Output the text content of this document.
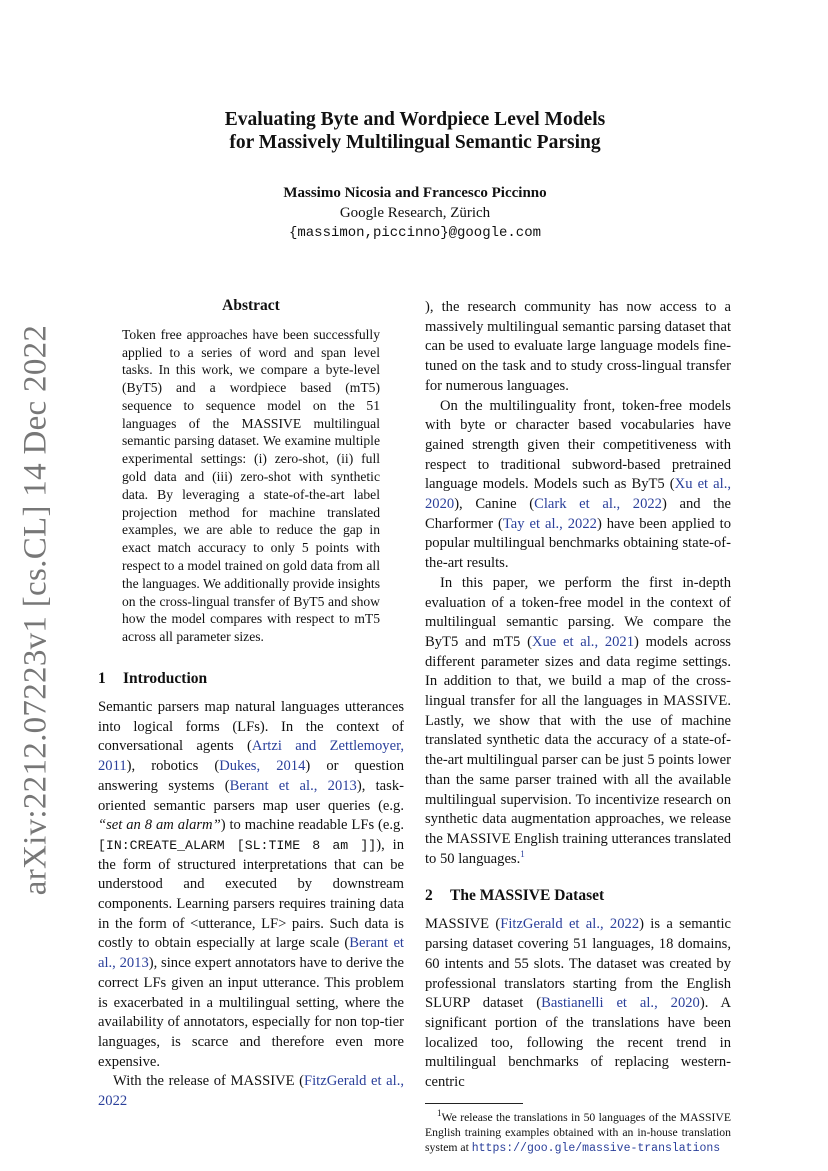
arXiv:2212.07223v1 [cs.CL] 14 Dec 2022
Evaluating Byte and Wordpiece Level Models
for Massively Multilingual Semantic Parsing
Massimo Nicosia and Francesco Piccinno
Google Research, Zürich
{massimon,piccinno}@google.com
Abstract

Token free approaches have been successfully applied to a series of word and span level tasks. In this work, we compare a byte-level (ByT5) and a wordpiece based (mT5) sequence to sequence model on the 51 languages of the MASSIVE multilingual semantic parsing dataset. We examine multiple experimental settings: (i) zero-shot, (ii) full gold data and (iii) zero-shot with synthetic data. By leveraging a state-of-the-art label projection method for machine translated examples, we are able to reduce the gap in exact match accuracy to only 5 points with respect to a model trained on gold data from all the languages. We additionally provide insights on the cross-lingual transfer of ByT5 and show how the model compares with respect to mT5 across all parameter sizes.

1 Introduction

Semantic parsers map natural languages utterances into logical forms (LFs). In the context of conversational agents (Artzi and Zettlemoyer, 2011), robotics (Dukes, 2014) or question answering systems (Berant et al., 2013), task-oriented semantic parsers map user queries (e.g. “set an 8 am alarm”) to machine readable LFs (e.g. [IN:CREATE_ALARM [SL:TIME 8 am ]]), in the form of structured interpretations that can be understood and executed by downstream components. Learning parsers requires training data in the form of <utterance, LF> pairs. Such data is costly to obtain especially at large scale (Berant et al., 2013), since expert annotators have to derive the correct LFs given an input utterance. This problem is exacerbated in a multilingual setting, where the availability of annotators, especially for non top-tier languages, is scarce and therefore even more expensive.

With the release of MASSIVE (FitzGerald et al., 2022

), the research community has now access to a massively multilingual semantic parsing dataset that can be used to evaluate large language models fine-tuned on the task and to study cross-lingual transfer for numerous languages.

On the multilinguality front, token-free models with byte or character based vocabularies have gained strength given their competitiveness with respect to traditional subword-based pretrained language models. Models such as ByT5 (Xu et al., 2020), Canine (Clark et al., 2022) and the Charformer (Tay et al., 2022) have been applied to popular multilingual benchmarks obtaining state-of-the-art results.

In this paper, we perform the first in-depth evaluation of a token-free model in the context of multilingual semantic parsing. We compare the ByT5 and mT5 (Xue et al., 2021) models across different parameter sizes and data regime settings. In addition to that, we build a map of the cross-lingual transfer for all the languages in MASSIVE. Lastly, we show that with the use of machine translated synthetic data the accuracy of a state-of-the-art multilingual parser can be just 5 points lower than the same parser trained with all the available multilingual supervision. To incentivize research on synthetic data augmentation approaches, we release the MASSIVE English training utterances translated to 50 languages.$^1$

2 The MASSIVE Dataset

MASSIVE (FitzGerald et al., 2022) is a semantic parsing dataset covering 51 languages, 18 domains, 60 intents and 55 slots. The dataset was created by professional translators starting from the English SLURP dataset (Bastianelli et al., 2020). A significant portion of the translations have been localized too, following the recent trend in multilingual benchmarks of replacing western-centric

$^1$We release the translations in 50 languages of the MASSIVE English training examples obtained with an in-house translation system at https://goo.gle/massive-translations
